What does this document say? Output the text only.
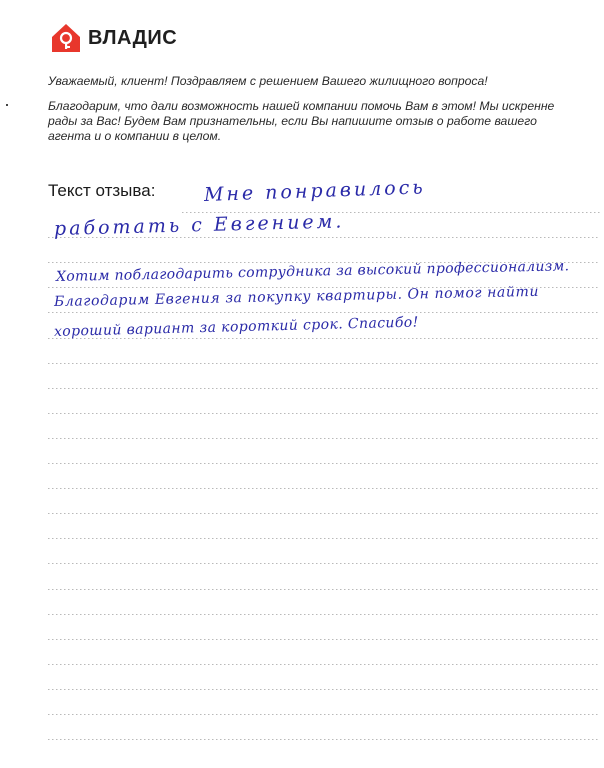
ВЛАДИС

Уважаемый, клиент! Поздравляем с решением Вашего жилищного вопроса!

Благодарим, что дали возможность нашей компании помочь Вам в этом! Мы искренне рады за Вас! Будем Вам признательны, если Вы напишите отзыв о работе вашего агента и о компании в целом.

Текст отзыва:	Мне понравилось
работать с Евгением.
Хотим поблагодарить сотрудника за высокий профессионализм.
Благодарим Евгения за покупку квартиры. Он помог найти
хороший вариант за короткий срок. Спасибо!
